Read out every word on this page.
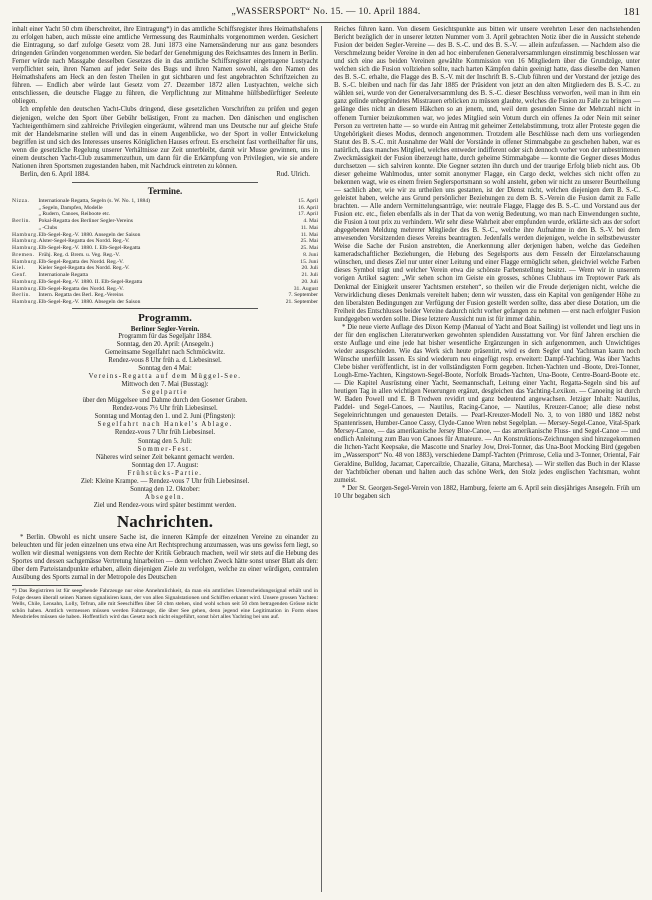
„WASSERSPORT“ No. 15. — 10. April 1884.	181

inhalt einer Yacht 50 cbm überschreitet, ihre Eintragung*) in das amtliche Schiffsregister ihres Heimathshafens zu erfolgen haben, auch müsste eine amtliche Vermessung des Rauminhalts vorgenommen werden. Gesichert die Eintragung, so darf zufolge Gesetz vom 28. Juni 1873 eine Namensänderung nur aus ganz besonders dringenden Gründen vorgenommen werden. Sie bedarf der Genehmigung des Reichsamtes des Innern in Berlin. Ferner würde nach Massgabe desselben Gesetzes die in das amtliche Schiffsregister eingetragene Lustyacht verpflichtet sein, ihren Namen auf jeder Seite des Bugs und ihren Namen sowohl, als den Namen des Heimathshafens am Heck an den festen Theilen in gut sichtbaren und fest angebrachten Schriftzeichen zu führen. — Endlich aber würde laut Gesetz vom 27. Dezember 1872 allen Lustyachten, welche sich entschliessen, die deutsche Flagge zu führen, die Verpflichtung zur Mitnahme hülfsbedürftiger Seeleute obliegen.

Ich empfehle den deutschen Yacht-Clubs dringend, diese gesetzlichen Vorschriften zu prüfen und gegen diejenigen, welche den Sport über Gebühr belästigen, Front zu machen. Den dänischen und englischen Yachteigenthümern sind zahlreiche Privilegien eingeräumt, während man uns Deutsche nur auf gleiche Stufe mit der Handelsmarine stellen will und das in einem Augenblicke, wo der Sport in voller Entwickelung begriffen ist und sich des Interesses unseres Königlichen Hauses erfreut. Es erscheint fast vortheilhafter für uns, wenn die gesetzliche Regelung unserer Verhältnisse zur Zeit unterbleibt, damit wir Musse gewinnen, uns in einem deutschen Yacht-Club zusammenzuthun, um dann für die Erkämpfung von Privilegien, wie sie andere Nationen ihren Sportsmen zugestanden haben, mit Nachdruck eintreten zu können.

Berlin, den 6. April 1884.	Rud. Ulrich.
Termine.
Nizza.	Internationale Regatta, Segeln (s. W. No. 1, 1884)	15. April
	„ Segeln, Dampfen, Modelle	16. April
	„ Rudern, Canoes, Reiboote etc.	17. April
Berlin.	Pokal-Regatta des Berliner Segler-Vereins	4. Mai
	„ -Clubs	11. Mai
Hamburg.	Elb-Segel-Reg.-V. 1880. Ansegeln der Saison	11. Mai
Hamburg.	Alster-Segel-Regatta des Nordd. Reg.-V.	25. Mai
Hamburg.	Elb-Segel-Reg.-V. 1880. I. Elb-Segel-Regatta	25. Mai
Bremen.	Frühj. Reg. d. Brem. u. Veg. Reg.-V.	8. Juni
Hamburg.	Elb-Segel-Regatta des Nordd. Reg.-V.	15. Juni
Kiel.	Kieler Segel-Regatta des Nordd. Reg.-V.	20. Juli
Genf.	Internationale Regatta	21. Juli
Hamburg.	Elb-Segel-Reg.-V. 1880. II. Elb-Segel-Regatta	20. Juli
Hamburg.	Elb-Segel-Regatta des Nordd. Reg.-V.	31. August
Berlin.	Intern. Regatta des Berl. Reg.-Vereins	7. September
Hamburg.	Elb-Segel-Reg.-V. 1880. Absegeln der Saison	21. September
Programm.
Berliner Segler-Verein.
Programm für das Segeljahr 1884.
Sonntag, den 20. April: (Ansegeln.)
Gemeinsame Segelfahrt nach Schmöckwitz.
Rendez-vous 8 Uhr früh a. d. Liebesinsel.
Sonntag den 4 Mai:
Vereins-Regatta auf dem Müggel-See.
Mittwoch den 7. Mai (Busstag):
Segelpartie
über den Müggelsee und Dahme durch den Gosener Graben.
Rendez-vous 7½ Uhr früh Liebesinsel.
Sonntag und Montag den 1. und 2. Juni (Pfingsten):
Segelfahrt nach Hankel's Ablage.
Rendez-vous 7 Uhr früh Liebesinsel.
Sonntag den 5. Juli:
Sommer-Fest.
Näheres wird seiner Zeit bekannt gemacht werden.
Sonntag den 17. August:
Frühstücks-Partie.
Ziel: Kleine Krampe. — Rendez-vous 7 Uhr früh Liebesinsel.
Sonntag den 12. Oktober:
Absegeln.
Ziel und Rendez-vous wird später bestimmt werden.
Nachrichten.

* Berlin. Obwohl es nicht unsere Sache ist, die inneren Kämpfe der einzelnen Vereine zu einander zu beleuchten und für jeden einzelnen uns etwa eine Art Rechtsprechung anzumassen, was uns gewiss fern liegt, so wollen wir diesmal wenigstens von dem Rechte der Kritik Gebrauch machen, weil wir stets auf die Hebung des Sportes und dessen sachgemässe Vertretung hinarbeiten — denn welchen Zweck hätte sonst unser Blatt als den: über dem Parteistandpunkte erhaben, allein diejenigen Ziele zu verfolgen, welche zu einer würdigen, centralen Ausübung des Sports zumal in der Metropole des Deutschen

*) Das Registriren ist für seegehende Fahrzeuge nur eine Annehmlichkeit, da man ein amtliches Unterscheidungssignal erhält und in Folge dessen überall seinen Namen signalisiren kann, der von allen Signalstationen und Schiffen erkannt wird. Unsere grossen Yachten: Wells, Chile, Lensahn, Lolly, Tefrun, alle mit Seeschiffen über 50 cbm stehen, sind wohl schon seit 50 cbm betragenden Grösse nicht schön haben. Amtlich vermessen müssen werden Fahrzeuge, die über See gehen, denn jegend eine Legitimation in Form eines Messbriefes müssen sie haben. Hoffentlich wird das Gesetz noch nicht eingeführt, sonst hört alles Yachting bei uns auf.

Reiches führen kann. Von diesem Gesichtspunkte aus bitten wir unsere verehrten Leser den nachstehenden Bericht bezüglich der in unserer letzten Nummer vom 3. April gebrachten Notiz über die in Aussicht stehende Fusion der beiden Segler-Vereine — des B. S.-C. und des B. S.-V. — allein aufzufassen. — Nachdem also die Verschmelzung beider Vereine in den ad hoc einberufenen Generalversammlungen einstimmig beschlossen war und sich eine aus beiden Vereinen gewählte Kommission von 16 Mitgliedern über die Grundzüge, unter welchen sich die Fusion vollziehen sollte, nach harten Kämpfen dahin geeinigt hatte, dass dieselbe den Namen des B. S.-C. erhalte, die Flagge des B. S.-V. mit der Inschrift B. S.-Club führen und der Vorstand der jetzige des B. S.-C. bleiben und nach für das Jahr 1885 der Präsident von jetzt an den alten Mitgliedern des B. S.-C. zu wählen sei, wurde von der Generalversammlung des B. S.-C. dieser Beschluss verworfen, weil man in ihm ein ganz gelinde unbegründetes Misstrauen erblicken zu müssen glaubte, welches die Fusion zu Falle zu bringen — gelänge dies nicht an diesem Häkchen so an jenem, und, weil dem gesunden Sinne der Mehrzahl nicht in offenem Turnier beizukommen war, wo jedes Mitglied sein Votum durch ein offenes Ja oder Nein mit seiner Person zu vertreten hatte — so wurde ein Antrag mit geheimer Zettelabstimmung, trotz aller Proteste gegen die Ungehörigkeit dieses Modus, dennoch angenommen. Trotzdem alle Beschlüsse nach dem uns vorliegenden Statut des B. S.-C. mit Ausnahme der Wahl der Vorstände in offener Stimmabgabe zu geschehen haben, war es natürlich, dass manches Mitglied, welches entweder indifferent oder sich dennoch vorher von der unbestrittenen Zweckmässigkeit der Fusion überzeugt hatte, durch geheime Stimmabgabe — konnte die Gegner dieses Modus durchsetzen — sich salviren konnte. Die Gegner setzten ihn durch und der traurige Erfolg blieb nicht aus. Ob dieser geheime Wahlmodus, unter somit anonymer Flagge, ein Cargo deckt, welches sich nicht offen zu bekennen wagt, wie es einem freien Seglersportsmann so wohl ansteht, geben wir nicht zu unserer Beurtheilung — sachlich aber, wie wir zu urtheilen uns gestatten, ist der Dienst nicht, welchen diejenigen dem B. S.-C. geleistet haben, welche aus Grund persönlicher Beziehungen zu dem B. S.-Verein die Fusion damit zu Falle brachten. — Alle andern Vermittelungsanträge, wie: neutrale Flagge, Flagge des B. S.-C. und Vorstand aus der Fusion etc. etc., fielen ebenfalls als in der That da von wenig Bedeutung, wo man nach Einwendungen suchte, die Fusion à tout prix zu verhindern. Wir sehr diese Wahrheit aber empfunden wurde, erklärte sich aus der sofort abgegebenen Meldung mehrerer Mitglieder des B. S.-C., welche ihre Aufnahme in den B. S.-V. bei dem anwesenden Vorsitzenden dieses Vereins beantragten. Jedenfalls werden diejenigen, welche in selbstbewusster Weise die Sache der Fusion anstrebten, die Anerkennung aller derjenigen haben, welche das Gedeihen kameradschaftlicher Beziehungen, die Hebung des Segelsports aus dem Fesseln der Einzelanschauung wünschen, und dieses Ziel nur unter einer Leitung und einer Flagge ermöglicht sehen, gleichviel welche Farben dieses Symbol trägt und welcher Verein etwa die schönste Farbenstellung besitzt. — Wenn wir in unserem vorigen Artikel sagten: „Wir sehen schon im Geiste ein grosses, schönes Clubhaus im Treptower Park als Denkmal der Einigkeit unserer Yachtsmen erstehen“, so theilen wir die Freude derjenigen nicht, welche die Verwirklichung dieses Denkmals vereitelt haben; denn wir wussten, dass ein Kapital von genügender Höhe zu den liberalsten Bedingungen zur Verfügung der Fusion gestellt werden sollte, dass aber diese Dotation, um die Freiheit des Entschlusses beider Vereine dadurch nicht vorher gefangen zu nehmen — erst nach erfolgter Fusion kundgegeben werden sollte. Diese letztere Aussicht nun ist für immer dahin.

* Die neue vierte Auflage des Dixon Kemp (Manual of Yacht and Boat Sailing) ist vollendet und liegt uns in der für den englischen Literaturwerken gewohnten splendiden Ausstattung vor. Vor fünf Jahren erschien die erste Auflage und eine jede hat bisher wesentliche Ergänzungen in sich aufgenommen, auch Unwichtiges wieder ausgeschieden. Wie das Werk sich heute präsentirt, wird es dem Segler und Yachtsman kaum noch Wünsche unerfüllt lassen. Es sind wiederum neu eingefügt resp. erweitert: Dampf-Yachting. Was über Yachts Clebe bisher veröffentlicht, ist in der vollständigsten Form gegeben. Itchen-Yachten und -Boote, Drei-Tonner, Lough-Erne-Yachten, Kingstown-Segel-Boote, Norfolk Broads-Yachten, Una-Boote, Centre-Board-Boote etc. — Die Kapitel Ausrüstung einer Yacht, Seemannschaft, Leitung einer Yacht, Regatta-Segeln sind bis auf heutigen Tag in allen wichtigen Neuerungen ergänzt, desgleichen das Yachting-Lexikon. — Canoeing ist durch W. Baden Powell und E. B Tredwen revidirt und ganz bedeutend angewachsen. Jetziger Inhalt: Nautilus, Paddel- und Segel-Canoes, — Nautilus, Racing-Canoe, — Nautilus, Kreuzer-Canoe; alle diese nebst Segeleinrichtungen und genauesten Details. — Pearl-Kreuzer-Modell No. 3, to von 1880 und 1882 nebst Spantenrissen, Humber-Canoe Cassy, Clyde-Canoe Wren nebst Segelplan. — Mersey-Segel-Canoe, Vital-Spark Mersey-Canoe, — das amerikanische Jersey Blue-Canoe, — das amerikanische Fluss- und Segel-Canoe — und endlich Anleitung zum Bau von Canoes für Amateure. — An Konstruktions-Zeichnungen sind hinzugekommen die Itchen-Yacht Keepsake, die Mascotte und Snarley Jow, Drei-Tonner, das Una-Boot Mocking Bird (gegeben im „Wassersport“ No. 48 von 1883), verschiedene Dampf-Yachten (Primrose, Celia und 3-Tonner, Oriental, Fair Geraldine, Bulldog, Jacamar, Capercailzie, Chazalie, Gitana, Marchesa). — Wir stellen das Buch in der Klasse der Yachtbücher obenan und halten auch das schöne Werk, den Stolz jedes englischen Yachtsman, wohnt zumeist.

* Der St. Georgen-Segel-Verein von 1882, Hamburg, feierte am 6. April sein diesjähriges Ansegeln. Früh um 10 Uhr begaben sich
